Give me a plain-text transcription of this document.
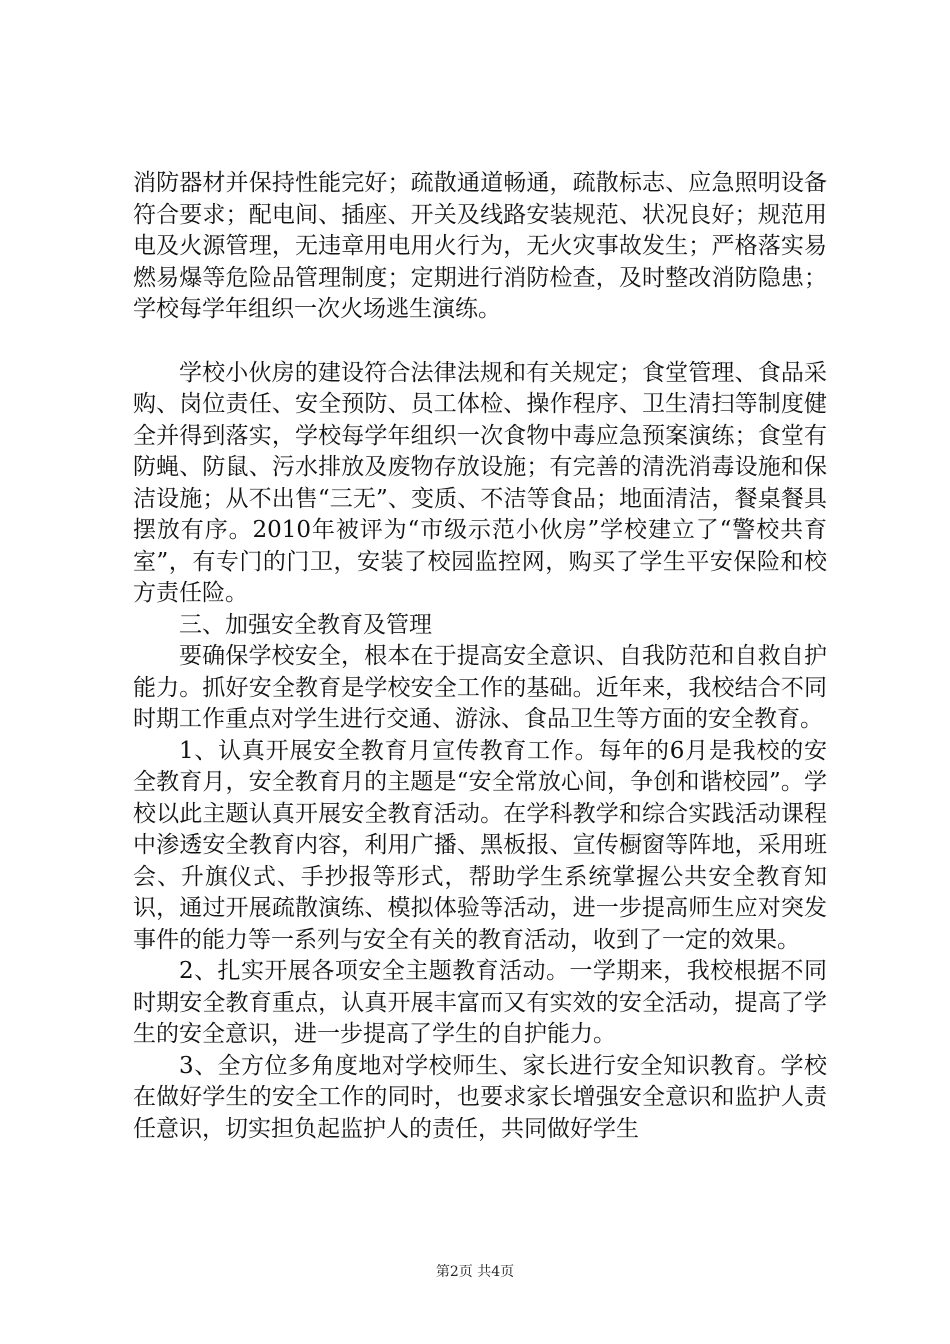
消防器材并保持性能完好；疏散通道畅通，疏散标志、应急照明设备符合要求；配电间、插座、开关及线路安装规范、状况良好；规范用电及火源管理，无违章用电用火行为，无火灾事故发生；严格落实易燃易爆等危险品管理制度；定期进行消防检查，及时整改消防隐患；学校每学年组织一次火场逃生演练。

学校小伙房的建设符合法律法规和有关规定；食堂管理、食品采购、岗位责任、安全预防、员工体检、操作程序、卫生清扫等制度健全并得到落实，学校每学年组织一次食物中毒应急预案演练；食堂有防蝇、防鼠、污水排放及废物存放设施；有完善的清洗消毒设施和保洁设施；从不出售“三无”、变质、不洁等食品；地面清洁，餐桌餐具摆放有序。2010年被评为“市级示范小伙房”学校建立了“警校共育室”，有专门的门卫，安装了校园监控网，购买了学生平安保险和校方责任险。

三、加强安全教育及管理

要确保学校安全，根本在于提高安全意识、自我防范和自救自护能力。抓好安全教育是学校安全工作的基础。近年来，我校结合不同时期工作重点对学生进行交通、游泳、食品卫生等方面的安全教育。

1、认真开展安全教育月宣传教育工作。每年的6月是我校的安全教育月，安全教育月的主题是“安全常放心间，争创和谐校园”。学校以此主题认真开展安全教育活动。在学科教学和综合实践活动课程中渗透安全教育内容，利用广播、黑板报、宣传橱窗等阵地，采用班会、升旗仪式、手抄报等形式，帮助学生系统掌握公共安全教育知识，通过开展疏散演练、模拟体验等活动，进一步提高师生应对突发事件的能力等一系列与安全有关的教育活动，收到了一定的效果。

2、扎实开展各项安全主题教育活动。一学期来，我校根据不同时期安全教育重点，认真开展丰富而又有实效的安全活动，提高了学生的安全意识，进一步提高了学生的自护能力。

3、全方位多角度地对学校师生、家长进行安全知识教育。学校在做好学生的安全工作的同时，也要求家长增强安全意识和监护人责任意识，切实担负起监护人的责任，共同做好学生

第2页 共4页
